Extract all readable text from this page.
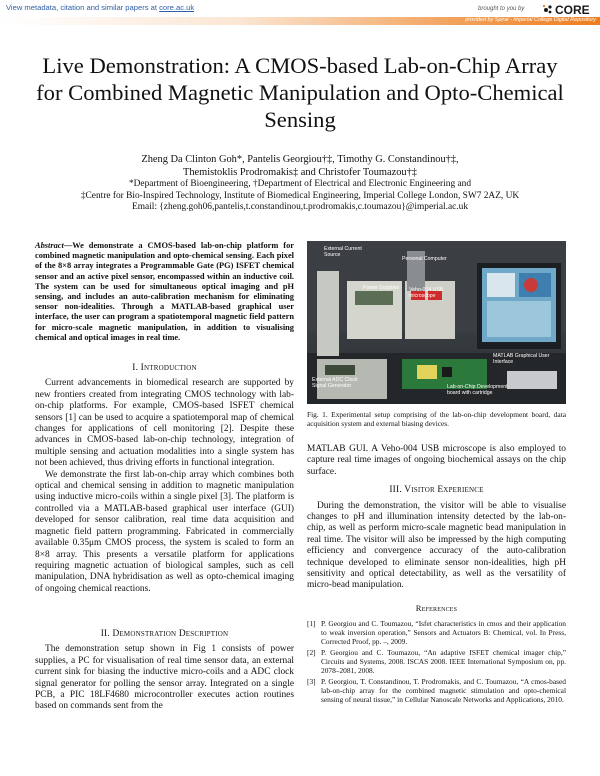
View metadata, citation and similar papers at core.ac.uk	brought to you by	CORE
provided by Spiral - Imperial College Digital Repository
Live Demonstration: A CMOS-based Lab-on-Chip Array for Combined Magnetic Manipulation and Opto-Chemical Sensing
Zheng Da Clinton Goh*, Pantelis Georgiou†‡, Timothy G. Constandinou†‡,
Themistoklis Prodromakis‡ and Christofer Toumazou†‡
*Department of Bioengineering, †Department of Electrical and Electronic Engineering and
‡Centre for Bio-Inspired Technology, Institute of Biomedical Engineering, Imperial College London, SW7 2AZ, UK
Email: {zheng.goh06,pantelis,t.constandinou,t.prodromakis,c.toumazou}@imperial.ac.uk
Abstract—We demonstrate a CMOS-based lab-on-chip platform for combined magnetic manipulation and opto-chemical sensing. Each pixel of the 8×8 array integrates a Programmable Gate (PG) ISFET chemical sensor and an active pixel sensor, encompassed within an inductive coil. The system can be used for simultaneous optical imaging and pH sensing, and includes an auto-calibration mechanism for eliminating sensor non-idealities. Through a MATLAB-based graphical user interface, the user can program a spatiotemporal magnetic field pattern for micro-scale magnetic manipulation, in addition to visualising chemical and optical images in real time.
I. Introduction

Current advancements in biomedical research are supported by new frontiers created from integrating CMOS technology with lab-on-chip platforms. For example, CMOS-based ISFET chemical sensors [1] can be used to acquire a spatiotemporal map of chemical changes for applications of cell monitoring [2]. Despite these advances in CMOS-based lab-on-chip technology, integration of multiple sensing and actuation modalities into a single system has not been achieved, thus driving efforts in functional integration.

We demonstrate the first lab-on-chip array which combines both optical and chemical sensing in addition to magnetic manipulation using inductive micro-coils within a single pixel [3]. The platform is controlled via a MATLAB-based graphical user interface (GUI) developed for sensor calibration, real time data acquisition and magnetic field pattern programming. Fabricated in commercially available 0.35μm CMOS process, the system is scaled to form an 8×8 array. This presents a versatile platform for applications requiring magnetic actuation of biological samples, such as cell manipulation, DNA hybridisation as well as opto-chemical imaging of ongoing chemical reactions.

II. Demonstration Description

The demonstration setup shown in Fig 1 consists of power supplies, a PC for visualisation of real time sensor data, an external current sink for biasing the inductive micro-coils and a ADC clock signal generator for polling the sensor array. Integrated on a single PCB, a PIC 18LF4680 microcontroller executes action routines based on commands sent from the

External Current Source
Personal Computer
Power Supplies	Veho-004 USB microscope
MATLAB Graphical User Interface
External ADC Clock Signal Generator	Lab-on-Chip Development board with cartridge
Fig. 1. Experimental setup comprising of the lab-on-chip development board, data acquisition system and external biasing devices.

MATLAB GUI. A Veho-004 USB microscope is also employed to capture real time images of ongoing biochemical assays on the chip surface.

III. Visitor Experience

During the demonstration, the visitor will be able to visualise changes to pH and illumination intensity detected by the lab-on-chip, as well as perform micro-scale magnetic bead manipulation in real time. The visitor will also be impressed by the high computing efficiency and convergence accuracy of the auto-calibration technique developed to eliminate sensor non-idealities, high pH sensitivity and optical detectability, as well as the versatility of micro-bead manipulation.

References
[1] P. Georgiou and C. Toumazou, “Isfet characteristics in cmos and their application to weak inversion operation,” Sensors and Actuators B: Chemical, vol. In Press, Corrected Proof, pp. –, 2009.
[2] P. Georgiou and C. Toumazou, “An adaptive ISFET chemical imager chip,” Circuits and Systems, 2008. ISCAS 2008. IEEE International Symposium on, pp. 2078–2081, 2008.
[3] P. Georgiou, T. Constandinou, T. Prodromakis, and C. Toumazou, “A cmos-based lab-on-chip array for the combined magnetic stimulation and opto-chemical sensing of neural tissue,” in Cellular Nanoscale Networks and Applications, 2010.
